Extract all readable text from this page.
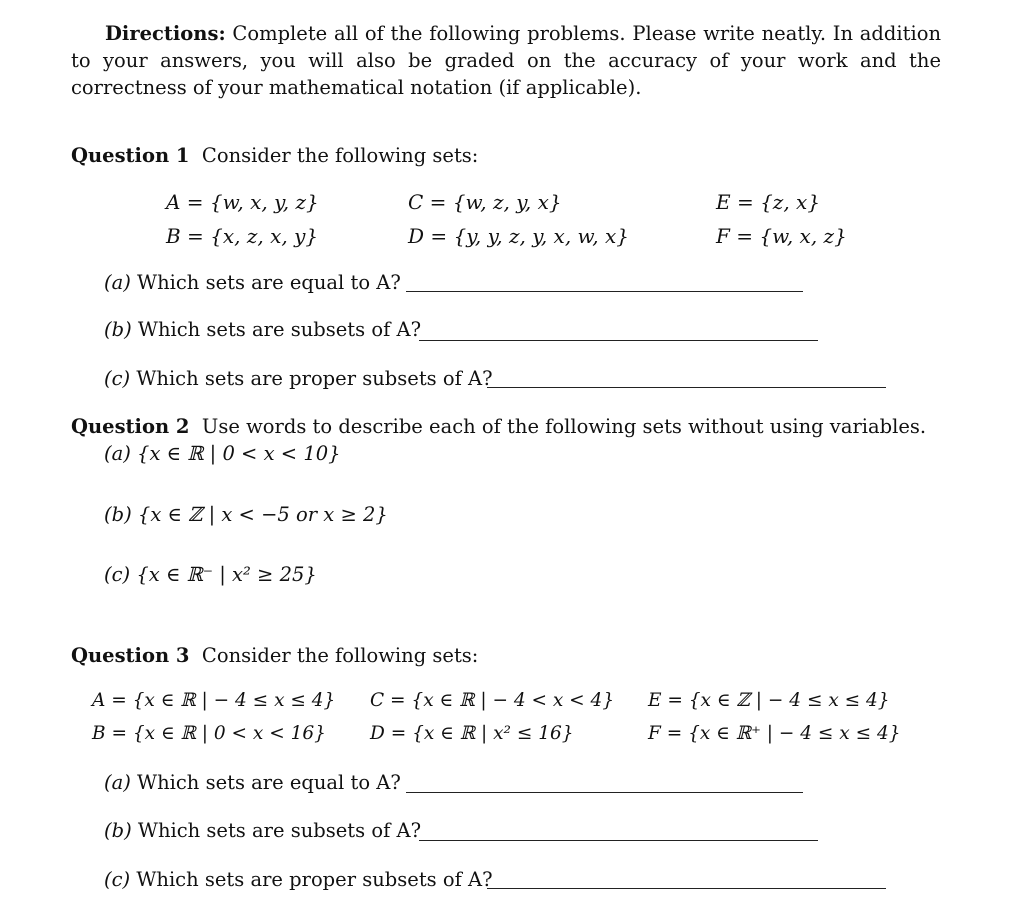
Directions: Complete all of the following problems. Please write neatly. In addition to your answers, you will also be graded on the accuracy of your work and the correctness of your mathematical notation (if applicable).
Question 1 Consider the following sets:
A = {w, x, y, z}
B = {x, z, x, y}
C = {w, z, y, x}
D = {y, y, z, y, x, w, x}
E = {z, x}
F = {w, x, z}
(a) Which sets are equal to A?
(b) Which sets are subsets of A?
(c) Which sets are proper subsets of A?
Question 2 Use words to describe each of the following sets without using variables.
(a) {x ∈ ℝ | 0 < x < 10}
(b) {x ∈ ℤ | x < −5 or x ≥ 2}
(c) {x ∈ ℝ⁻ | x² ≥ 25}
Question 3 Consider the following sets:
A = {x ∈ ℝ | − 4 ≤ x ≤ 4}
B = {x ∈ ℝ | 0 < x < 16}
C = {x ∈ ℝ | − 4 < x < 4}
D = {x ∈ ℝ | x² ≤ 16}
E = {x ∈ ℤ | − 4 ≤ x ≤ 4}
F = {x ∈ ℝ⁺ | − 4 ≤ x ≤ 4}
(a) Which sets are equal to A?
(b) Which sets are subsets of A?
(c) Which sets are proper subsets of A?
